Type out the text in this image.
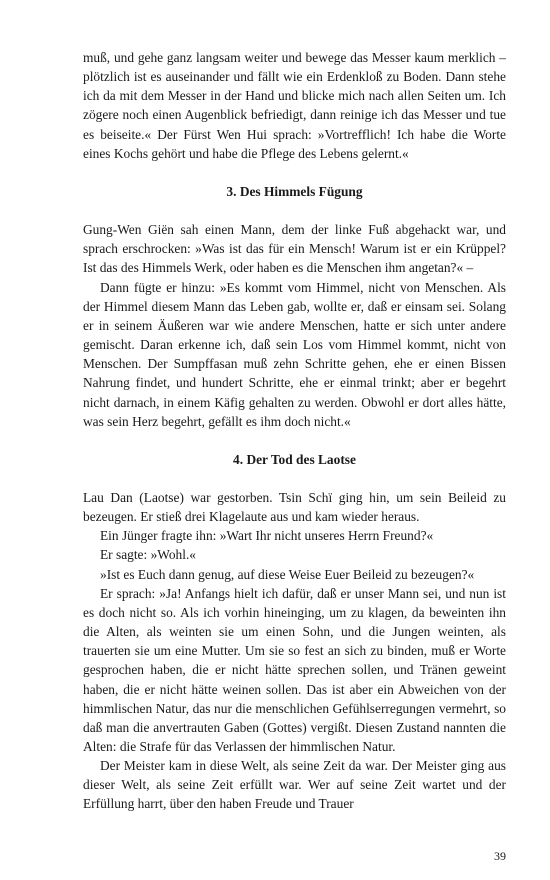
muß, und gehe ganz langsam weiter und bewege das Messer kaum merklich – plötzlich ist es auseinander und fällt wie ein Erdenkloß zu Boden. Dann stehe ich da mit dem Messer in der Hand und blicke mich nach allen Seiten um. Ich zögere noch einen Augenblick befriedigt, dann reinige ich das Messer und tue es beiseite.« Der Fürst Wen Hui sprach: »Vortrefflich! Ich habe die Worte eines Kochs gehört und habe die Pflege des Lebens gelernt.«

3. Des Himmels Fügung

Gung-Wen Giën sah einen Mann, dem der linke Fuß abgehackt war, und sprach erschrocken: »Was ist das für ein Mensch! Warum ist er ein Krüppel? Ist das des Himmels Werk, oder haben es die Menschen ihm angetan?« –

Dann fügte er hinzu: »Es kommt vom Himmel, nicht von Menschen. Als der Himmel diesem Mann das Leben gab, wollte er, daß er einsam sei. Solang er in seinem Äußeren war wie andere Menschen, hatte er sich unter andere gemischt. Daran erkenne ich, daß sein Los vom Himmel kommt, nicht von Menschen. Der Sumpffasan muß zehn Schritte gehen, ehe er einen Bissen Nahrung findet, und hundert Schritte, ehe er einmal trinkt; aber er begehrt nicht darnach, in einem Käfig gehalten zu werden. Obwohl er dort alles hätte, was sein Herz begehrt, gefällt es ihm doch nicht.«

4. Der Tod des Laotse

Lau Dan (Laotse) war gestorben. Tsin Schï ging hin, um sein Beileid zu bezeugen. Er stieß drei Klagelaute aus und kam wieder heraus.

Ein Jünger fragte ihn: »Wart Ihr nicht unseres Herrn Freund?«

Er sagte: »Wohl.«

»Ist es Euch dann genug, auf diese Weise Euer Beileid zu bezeugen?«

Er sprach: »Ja! Anfangs hielt ich dafür, daß er unser Mann sei, und nun ist es doch nicht so. Als ich vorhin hineinging, um zu klagen, da beweinten ihn die Alten, als weinten sie um einen Sohn, und die Jungen weinten, als trauerten sie um eine Mutter. Um sie so fest an sich zu binden, muß er Worte gesprochen haben, die er nicht hätte sprechen sollen, und Tränen geweint haben, die er nicht hätte weinen sollen. Das ist aber ein Abweichen von der himmlischen Natur, das nur die menschlichen Gefühlserregungen vermehrt, so daß man die anvertrauten Gaben (Gottes) vergißt. Diesen Zustand nannten die Alten: die Strafe für das Verlassen der himmlischen Natur.

Der Meister kam in diese Welt, als seine Zeit da war. Der Meister ging aus dieser Welt, als seine Zeit erfüllt war. Wer auf seine Zeit wartet und der Erfüllung harrt, über den haben Freude und Trauer

39
